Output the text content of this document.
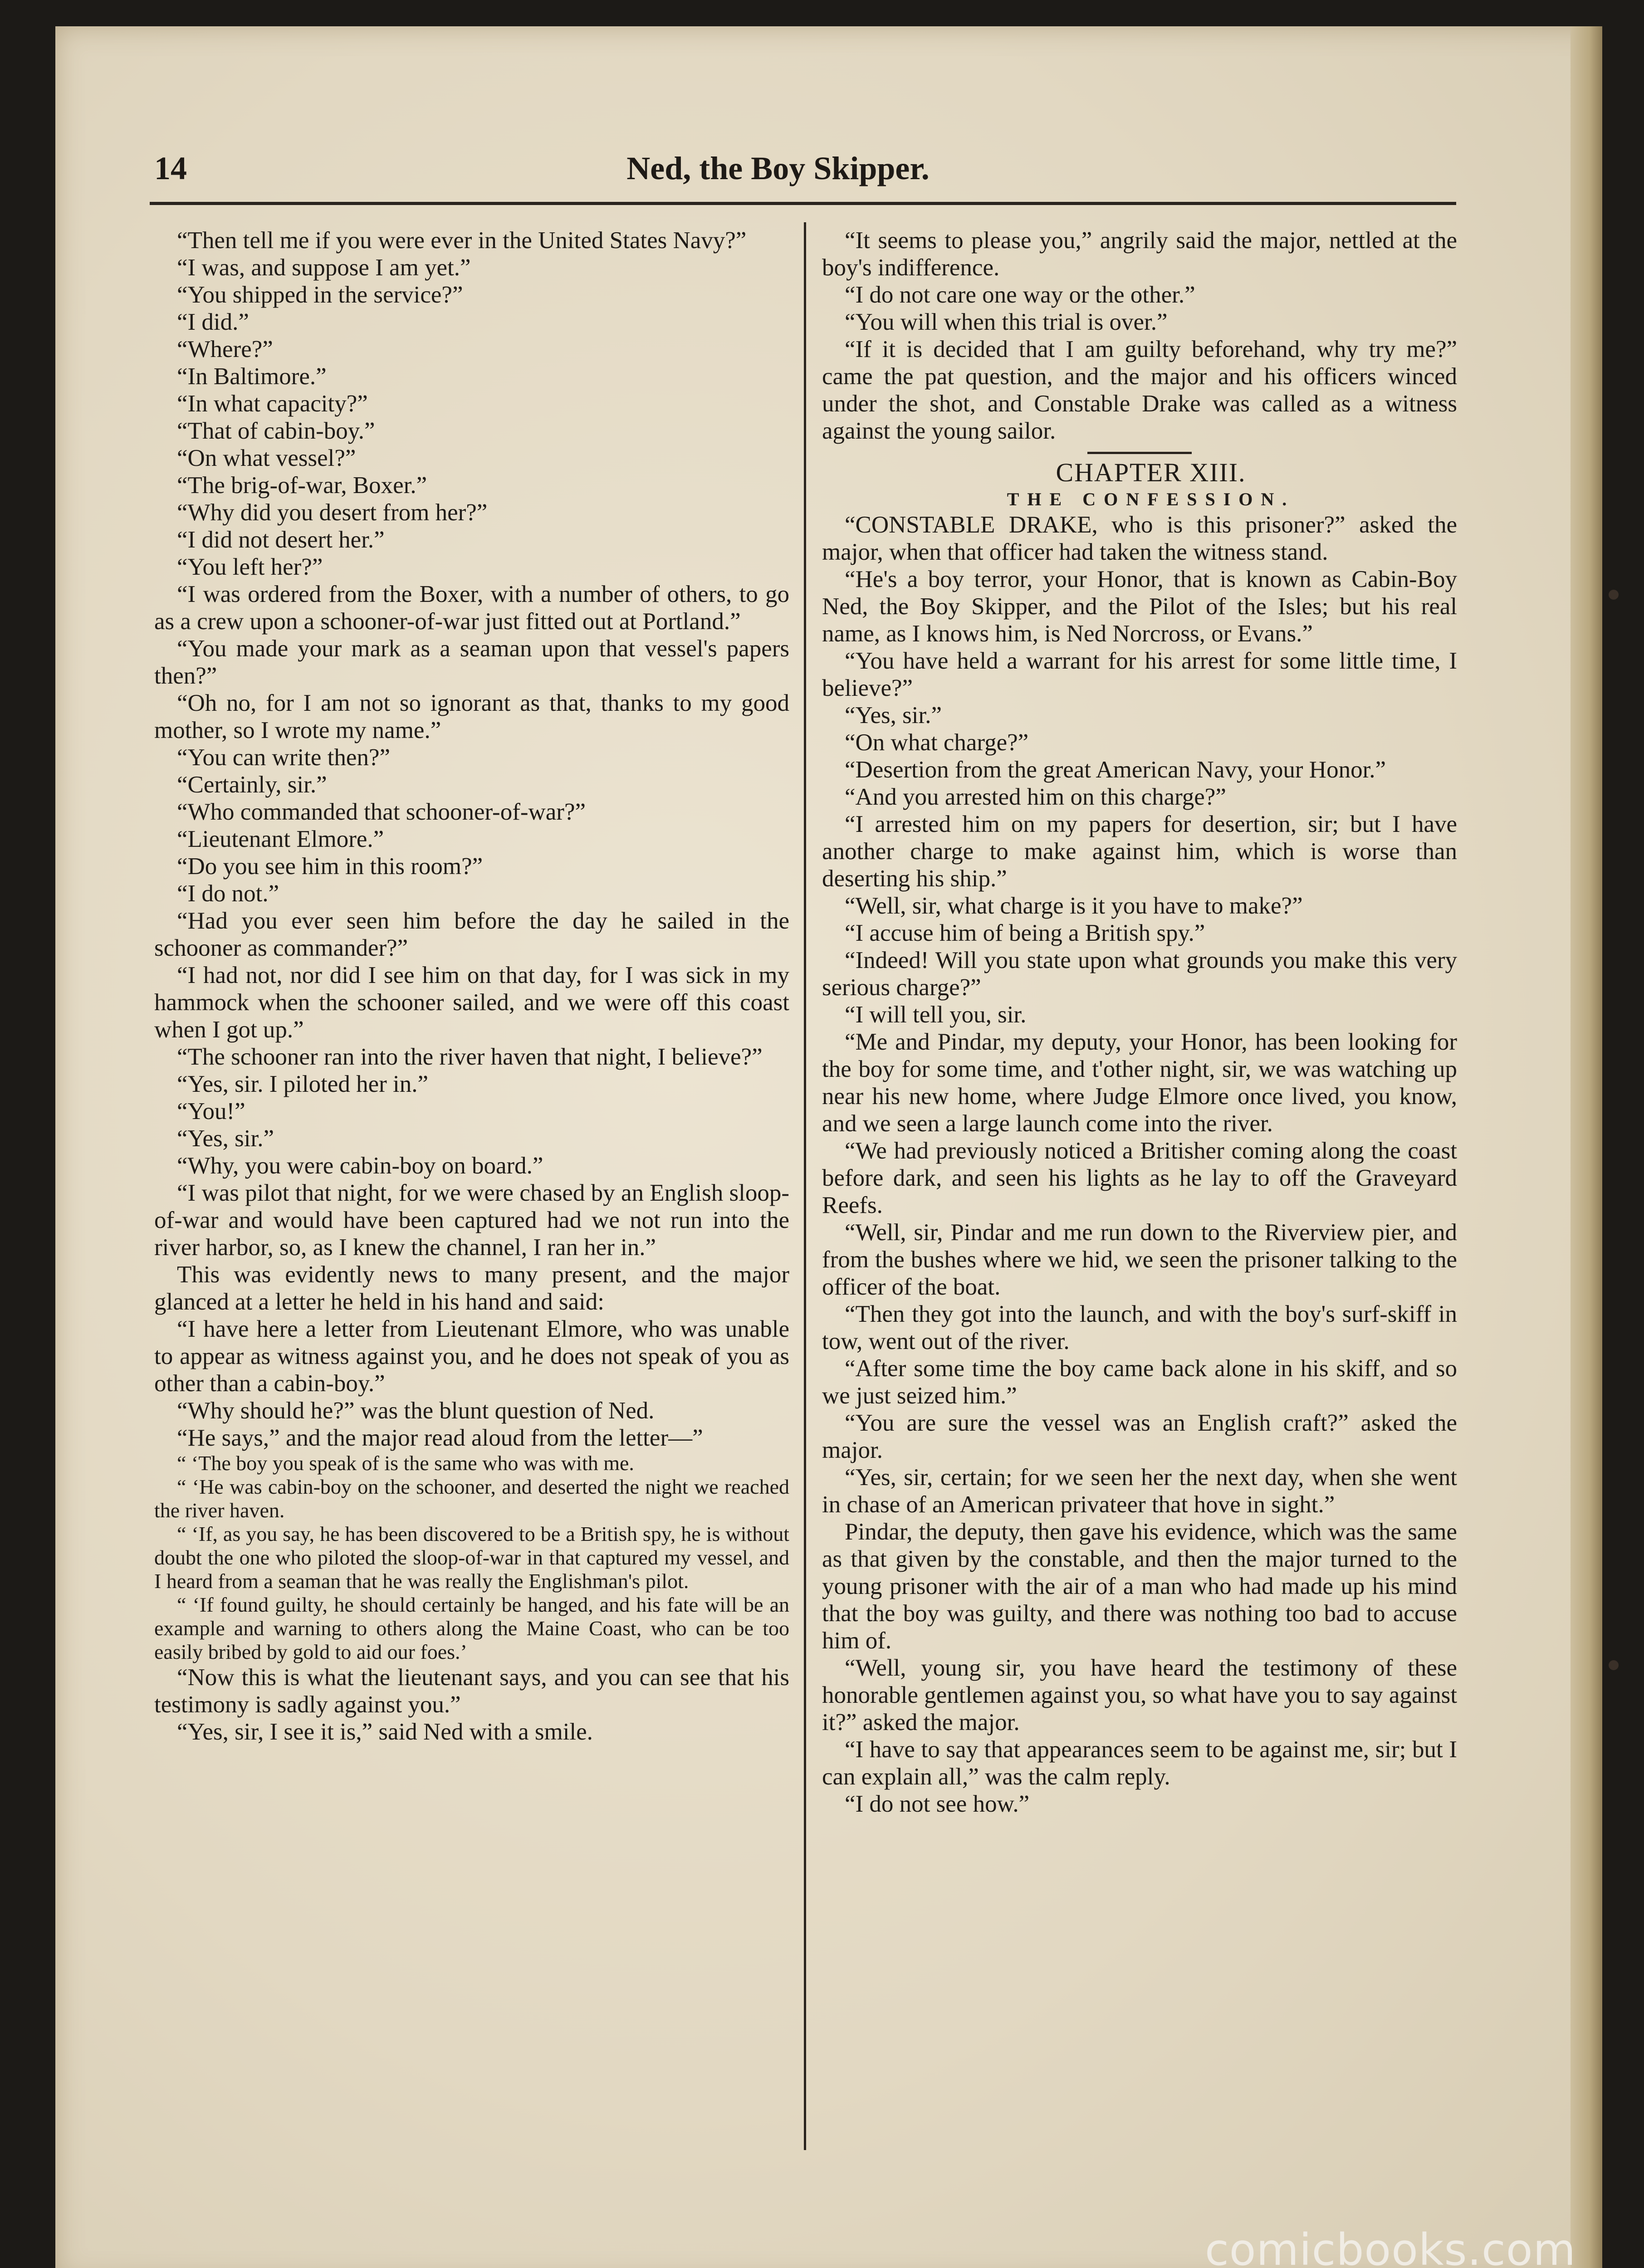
14	Ned, the Boy Skipper.

“Then tell me if you were ever in the United States Navy?”

“I was, and suppose I am yet.”

“You shipped in the service?”

“I did.”

“Where?”

“In Baltimore.”

“In what capacity?”

“That of cabin-boy.”

“On what vessel?”

“The brig-of-war, Boxer.”

“Why did you desert from her?”

“I did not desert her.”

“You left her?”

“I was ordered from the Boxer, with a number of others, to go as a crew upon a schooner-of-war just fitted out at Portland.”

“You made your mark as a seaman upon that vessel's papers then?”

“Oh no, for I am not so ignorant as that, thanks to my good mother, so I wrote my name.”

“You can write then?”

“Certainly, sir.”

“Who commanded that schooner-of-war?”

“Lieutenant Elmore.”

“Do you see him in this room?”

“I do not.”

“Had you ever seen him before the day he sailed in the schooner as commander?”

“I had not, nor did I see him on that day, for I was sick in my hammock when the schooner sailed, and we were off this coast when I got up.”

“The schooner ran into the river haven that night, I believe?”

“Yes, sir. I piloted her in.”

“You!”

“Yes, sir.”

“Why, you were cabin-boy on board.”

“I was pilot that night, for we were chased by an English sloop-of-war and would have been captured had we not run into the river harbor, so, as I knew the channel, I ran her in.”

This was evidently news to many present, and the major glanced at a letter he held in his hand and said:

“I have here a letter from Lieutenant Elmore, who was unable to appear as witness against you, and he does not speak of you as other than a cabin-boy.”

“Why should he?” was the blunt question of Ned.

“He says,” and the major read aloud from the letter—”

“ ‘The boy you speak of is the same who was with me.

“ ‘He was cabin-boy on the schooner, and deserted the night we reached the river haven.

“ ‘If, as you say, he has been discovered to be a British spy, he is without doubt the one who piloted the sloop-of-war in that captured my vessel, and I heard from a seaman that he was really the Englishman's pilot.

“ ‘If found guilty, he should certainly be hanged, and his fate will be an example and warning to others along the Maine Coast, who can be too easily bribed by gold to aid our foes.’

“Now this is what the lieutenant says, and you can see that his testimony is sadly against you.”

“Yes, sir, I see it is,” said Ned with a smile.

“It seems to please you,” angrily said the major, nettled at the boy's indifference.

“I do not care one way or the other.”

“You will when this trial is over.”

“If it is decided that I am guilty beforehand, why try me?” came the pat question, and the major and his officers winced under the shot, and Constable Drake was called as a witness against the young sailor.

CHAPTER XIII.

THE CONFESSION.

“CONSTABLE DRAKE, who is this prisoner?” asked the major, when that officer had taken the witness stand.

“He's a boy terror, your Honor, that is known as Cabin-Boy Ned, the Boy Skipper, and the Pilot of the Isles; but his real name, as I knows him, is Ned Norcross, or Evans.”

“You have held a warrant for his arrest for some little time, I believe?”

“Yes, sir.”

“On what charge?”

“Desertion from the great American Navy, your Honor.”

“And you arrested him on this charge?”

“I arrested him on my papers for desertion, sir; but I have another charge to make against him, which is worse than deserting his ship.”

“Well, sir, what charge is it you have to make?”

“I accuse him of being a British spy.”

“Indeed! Will you state upon what grounds you make this very serious charge?”

“I will tell you, sir.

“Me and Pindar, my deputy, your Honor, has been looking for the boy for some time, and t'other night, sir, we was watching up near his new home, where Judge Elmore once lived, you know, and we seen a large launch come into the river.

“We had previously noticed a Britisher coming along the coast before dark, and seen his lights as he lay to off the Graveyard Reefs.

“Well, sir, Pindar and me run down to the Riverview pier, and from the bushes where we hid, we seen the prisoner talking to the officer of the boat.

“Then they got into the launch, and with the boy's surf-skiff in tow, went out of the river.

“After some time the boy came back alone in his skiff, and so we just seized him.”

“You are sure the vessel was an English craft?” asked the major.

“Yes, sir, certain; for we seen her the next day, when she went in chase of an American privateer that hove in sight.”

Pindar, the deputy, then gave his evidence, which was the same as that given by the constable, and then the major turned to the young prisoner with the air of a man who had made up his mind that the boy was guilty, and there was nothing too bad to accuse him of.

“Well, young sir, you have heard the testimony of these honorable gentlemen against you, so what have you to say against it?” asked the major.

“I have to say that appearances seem to be against me, sir; but I can explain all,” was the calm reply.

“I do not see how.”

comicbooks.com
